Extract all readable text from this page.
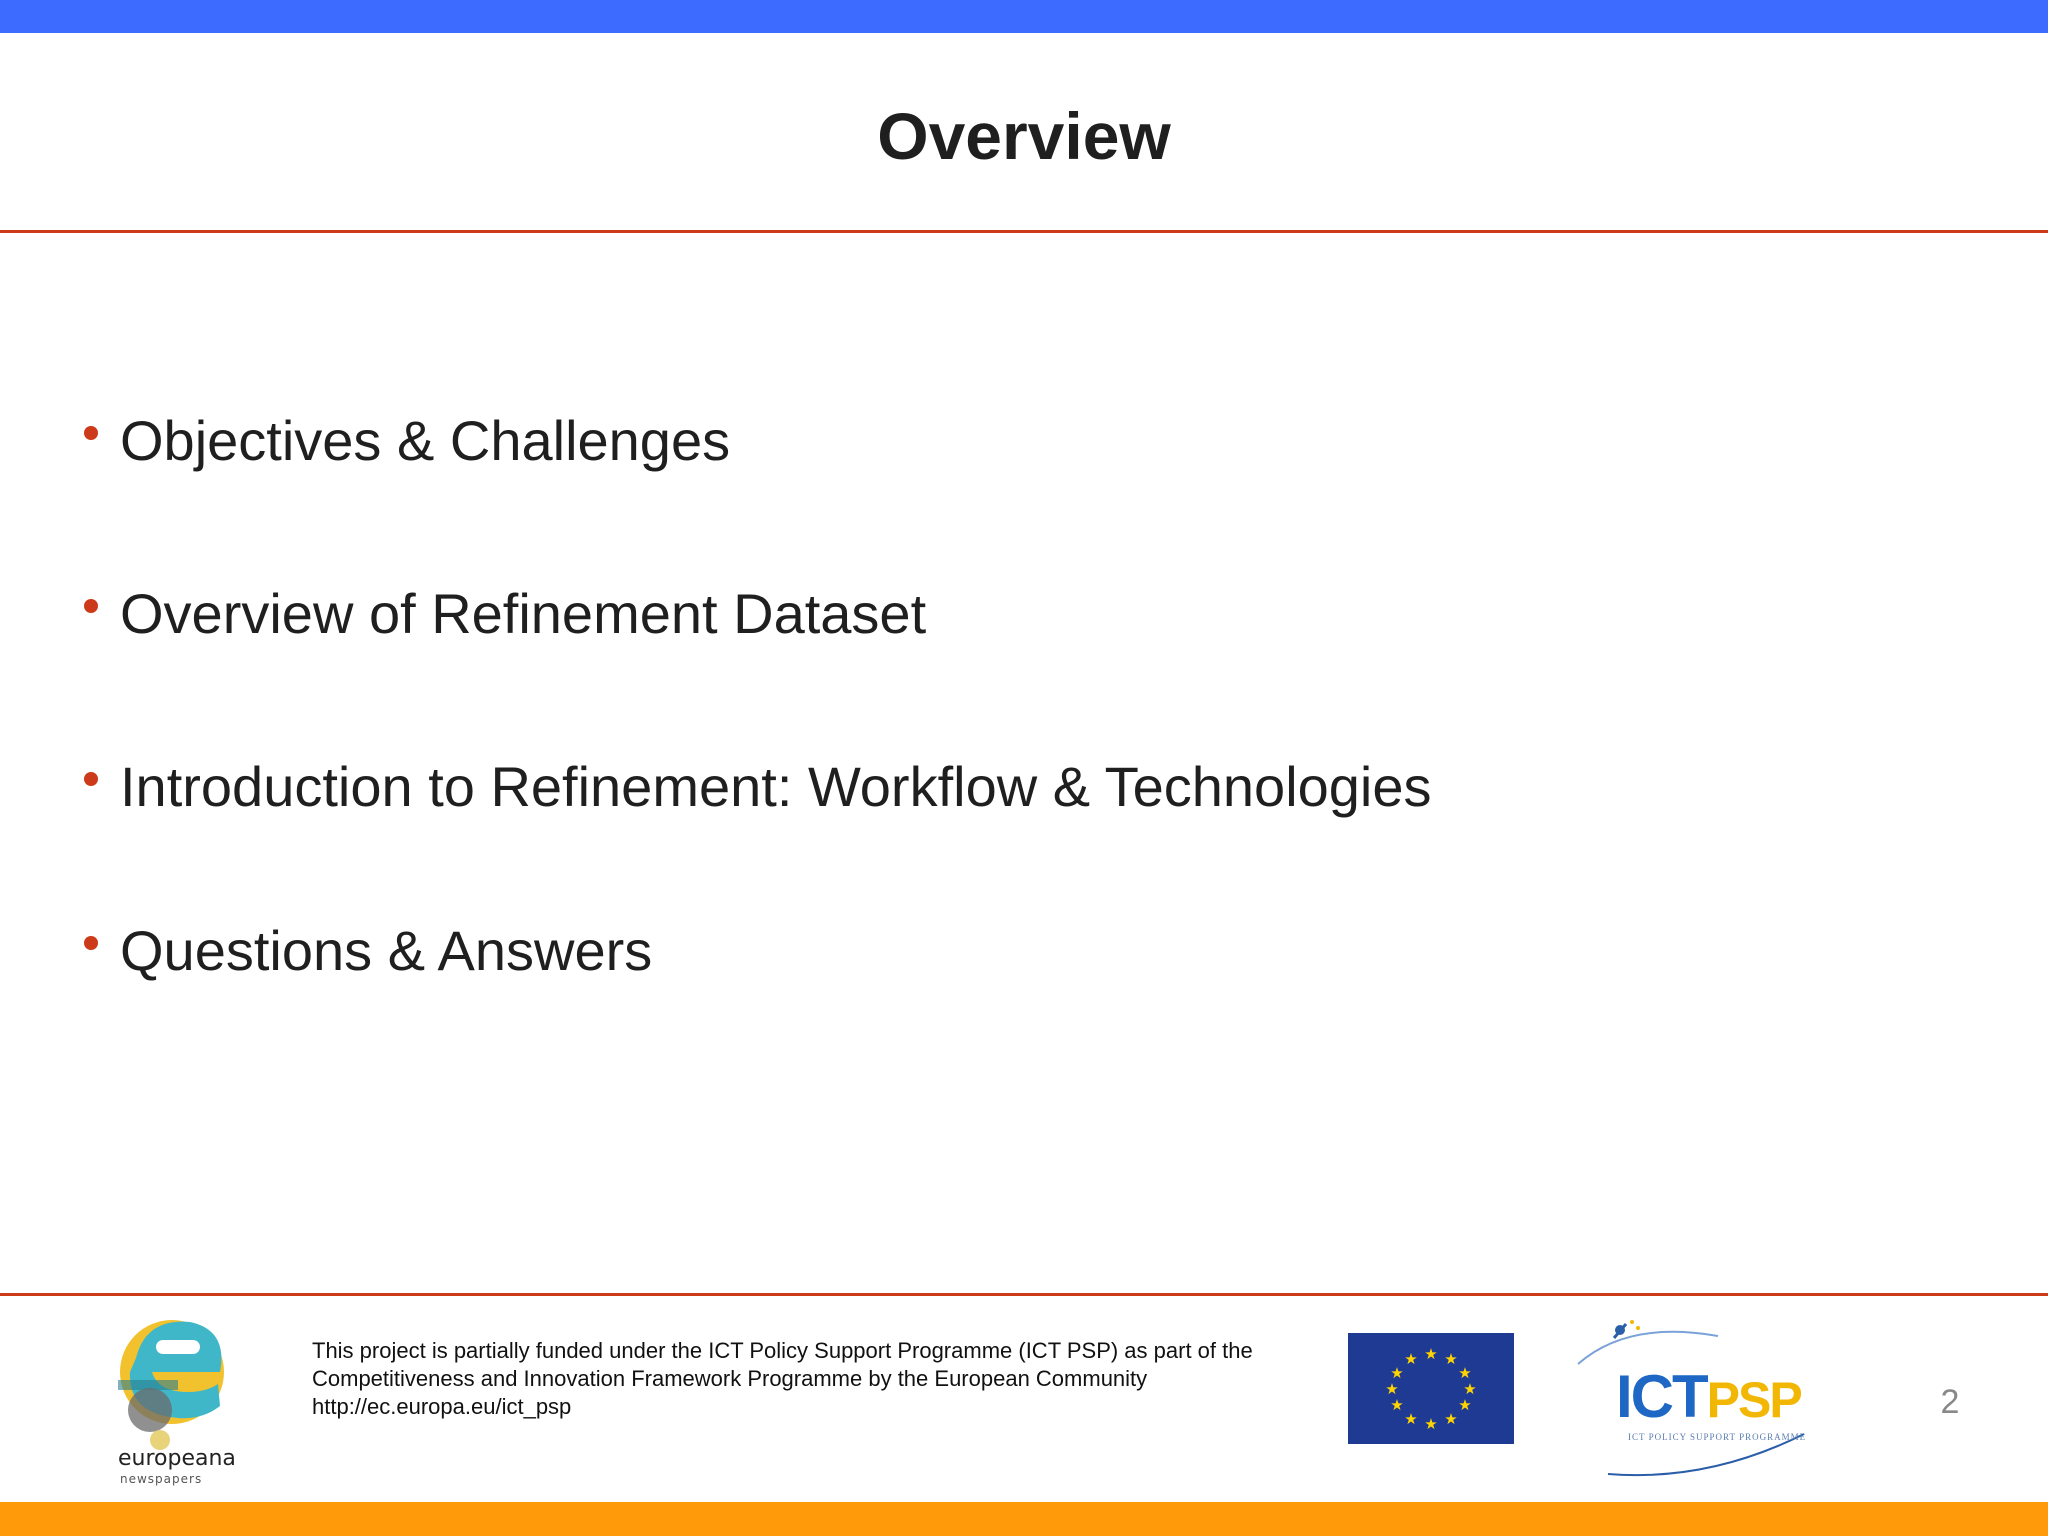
Overview
Objectives & Challenges
Overview of Refinement Dataset
Introduction to Refinement: Workflow & Technologies
Questions & Answers
europeana
newspapers
This project is partially funded under the ICT Policy Support Programme (ICT PSP) as part of the
Competitiveness and Innovation Framework Programme by the European Community
http://ec.europa.eu/ict_psp
★ ★
★
★
★
★
★
★
★
★
★
★
ICTPSP
ICT POLICY SUPPORT PROGRAMME
2
